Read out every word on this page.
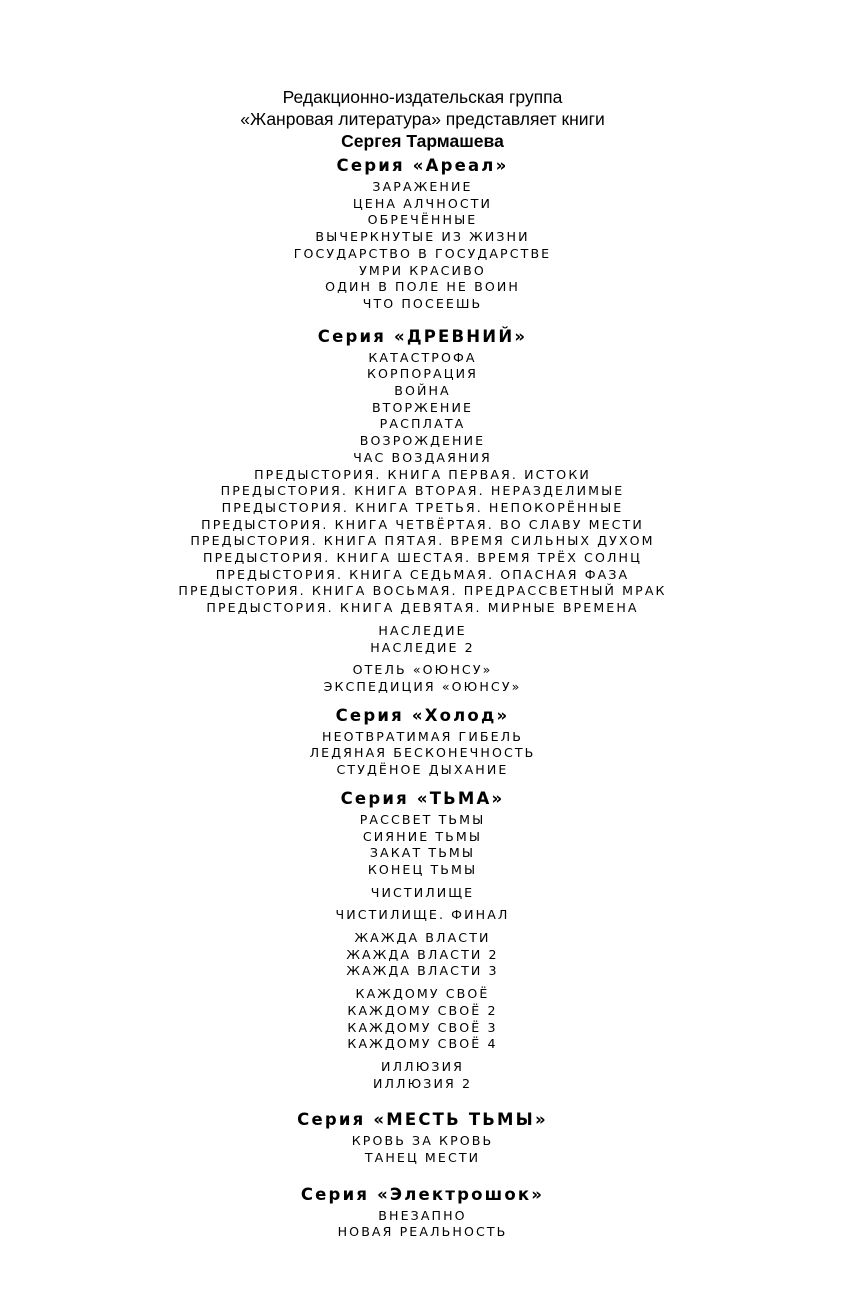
Редакционно-издательская группа
«Жанровая литература» представляет книги
Сергея Тармашева
Серия «Ареал»
ЗАРАЖЕНИЕ
ЦЕНА АЛЧНОСТИ
ОБРЕЧЁННЫЕ
ВЫЧЕРКНУТЫЕ ИЗ ЖИЗНИ
ГОСУДАРСТВО В ГОСУДАРСТВЕ
УМРИ КРАСИВО
ОДИН В ПОЛЕ НЕ ВОИН
ЧТО ПОСЕЕШЬ
Серия «ДРЕВНИЙ»
КАТАСТРОФА
КОРПОРАЦИЯ
ВОЙНА
ВТОРЖЕНИЕ
РАСПЛАТА
ВОЗРОЖДЕНИЕ
ЧАС ВОЗДАЯНИЯ
ПРЕДЫСТОРИЯ. КНИГА ПЕРВАЯ. ИСТОКИ
ПРЕДЫСТОРИЯ. КНИГА ВТОРАЯ. НЕРАЗДЕЛИМЫЕ
ПРЕДЫСТОРИЯ. КНИГА ТРЕТЬЯ. НЕПОКОРЁННЫЕ
ПРЕДЫСТОРИЯ. КНИГА ЧЕТВЁРТАЯ. ВО СЛАВУ МЕСТИ
ПРЕДЫСТОРИЯ. КНИГА ПЯТАЯ. ВРЕМЯ СИЛЬНЫХ ДУХОМ
ПРЕДЫСТОРИЯ. КНИГА ШЕСТАЯ. ВРЕМЯ ТРЁХ СОЛНЦ
ПРЕДЫСТОРИЯ. КНИГА СЕДЬМАЯ. ОПАСНАЯ ФАЗА
ПРЕДЫСТОРИЯ. КНИГА ВОСЬМАЯ. ПРЕДРАССВЕТНЫЙ МРАК
ПРЕДЫСТОРИЯ. КНИГА ДЕВЯТАЯ. МИРНЫЕ ВРЕМЕНА
НАСЛЕДИЕ
НАСЛЕДИЕ 2
ОТЕЛЬ «ОЮНСУ»
ЭКСПЕДИЦИЯ «ОЮНСУ»
Серия «Холод»
НЕОТВРАТИМАЯ ГИБЕЛЬ
ЛЕДЯНАЯ БЕСКОНЕЧНОСТЬ
СТУДЁНОЕ ДЫХАНИЕ
Серия «ТЬМА»
РАССВЕТ ТЬМЫ
СИЯНИЕ ТЬМЫ
ЗАКАТ ТЬМЫ
КОНЕЦ ТЬМЫ
ЧИСТИЛИЩЕ
ЧИСТИЛИЩЕ. ФИНАЛ
ЖАЖДА ВЛАСТИ
ЖАЖДА ВЛАСТИ 2
ЖАЖДА ВЛАСТИ 3
КАЖДОМУ СВОЁ
КАЖДОМУ СВОЁ 2
КАЖДОМУ СВОЁ 3
КАЖДОМУ СВОЁ 4
ИЛЛЮЗИЯ
ИЛЛЮЗИЯ 2
Серия «МЕСТЬ ТЬМЫ»
КРОВЬ ЗА КРОВЬ
ТАНЕЦ МЕСТИ
Серия «Электрошок»
ВНЕЗАПНО
НОВАЯ РЕАЛЬНОСТЬ
